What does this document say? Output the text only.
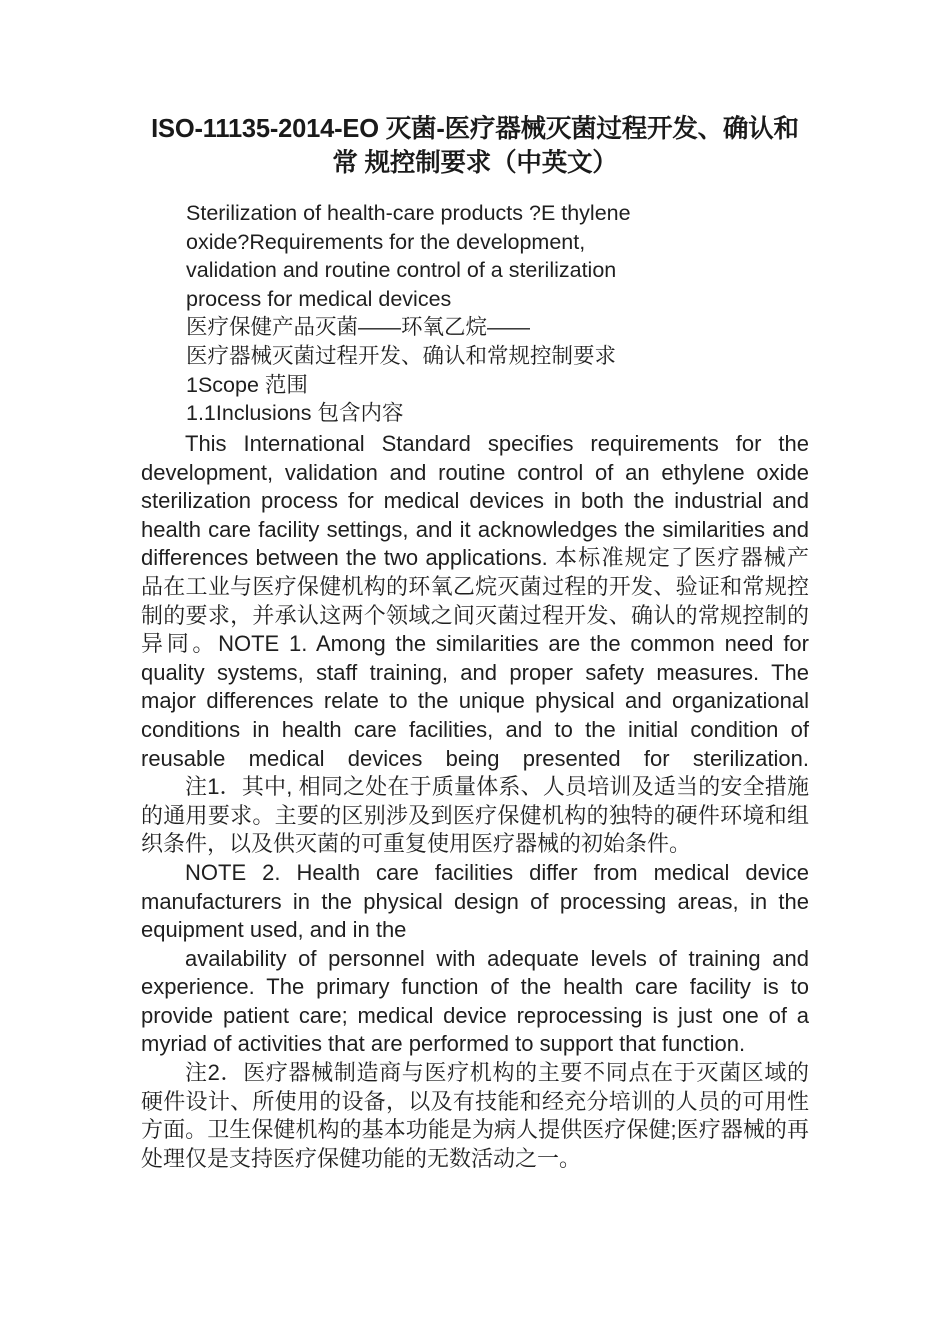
ISO-11135-2014-EO 灭菌-医疗器械灭菌过程开发、确认和常 规控制要求（中英文）
Sterilization of health-care products ?E thylene
oxide?Requirements for the development,
validation and routine control of a sterilization
process for medical devices
医疗保健产品灭菌——环氧乙烷——
医疗器械灭菌过程开发、确认和常规控制要求
1Scope 范围
1.1Inclusions 包含内容

This International Standard specifies requirements for the development, validation and routine control of an ethylene oxide sterilization process for medical devices in both the industrial and health care facility settings, and it acknowledges the similarities and differences between the two applications. 本标准规定了医疗器械产品在工业与医疗保健机构的环氧乙烷灭菌过程的开发、验证和常规控制的要求，并承认这两个领域之间灭菌过程开发、确认的常规控制的异同。NOTE 1. Among the similarities are the common need for quality systems, staff training, and proper safety measures. The major differences relate to the unique physical and organizational conditions in health care facilities, and to the initial condition of reusable medical devices being presented for sterilization.

注1．其中, 相同之处在于质量体系、人员培训及适当的安全措施的通用要求。主要的区别涉及到医疗保健机构的独特的硬件环境和组织条件，以及供灭菌的可重复使用医疗器械的初始条件。

NOTE 2. Health care facilities differ from medical device manufacturers in the physical design of processing areas, in the equipment used, and in the

availability of personnel with adequate levels of training and experience. The primary function of the health care facility is to provide patient care; medical device reprocessing is just one of a myriad of activities that are performed to support that function.

注2．医疗器械制造商与医疗机构的主要不同点在于灭菌区域的硬件设计、所使用的设备，以及有技能和经充分培训的人员的可用性方面。卫生保健机构的基本功能是为病人提供医疗保健;医疗器械的再处理仅是支持医疗保健功能的无数活动之一。
